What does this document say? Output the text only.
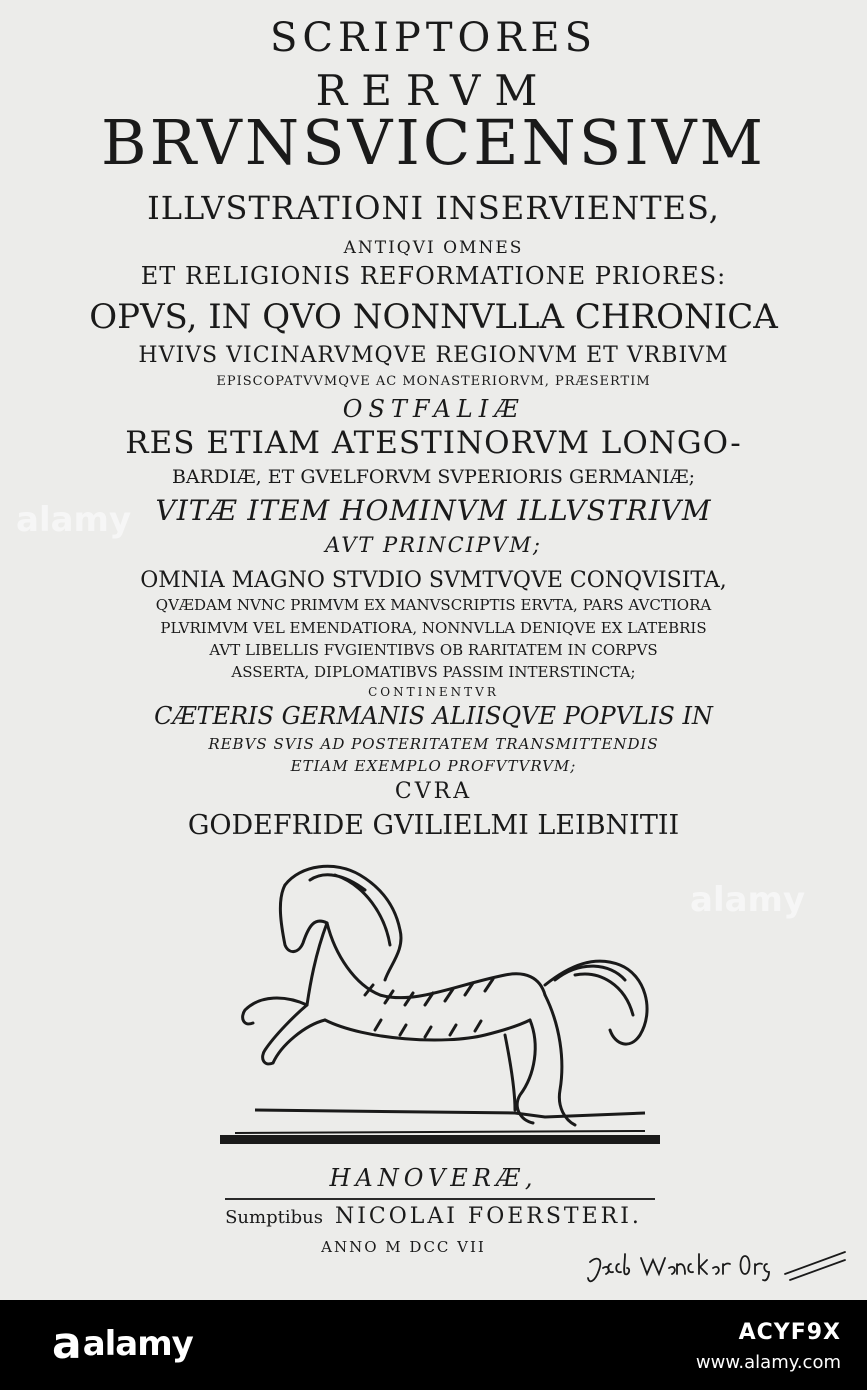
SCRIPTORES
RERVM
BRVNSVICENSIVM
ILLVSTRATIONI INSERVIENTES,
ANTIQVI OMNES
ET RELIGIONIS REFORMATIONE PRIORES:
OPVS, IN QVO NONNVLLA CHRONICA
HVIVS VICINARVMQVE REGIONVM ET VRBIVM
EPISCOPATVVMQVE AC MONASTERIORVM, PRÆSERTIM
OSTFALIÆ
RES ETIAM ATESTINORVM LONGO-
BARDIÆ, ET GVELFORVM SVPERIORIS GERMANIÆ;
VITÆ ITEM HOMINVM ILLVSTRIVM
AVT PRINCIPVM;
OMNIA MAGNO STVDIO SVMTVQVE CONQVISITA,
QVÆDAM NVNC PRIMVM EX MANVSCRIPTIS ERVTA, PARS AVCTIORA
PLVRIMVM VEL EMENDATIORA, NONNVLLA DENIQVE EX LATEBRIS
AVT LIBELLIS FVGIENTIBVS OB RARITATEM IN CORPVS
ASSERTA, DIPLOMATIBVS PASSIM INTERSTINCTA;
CONTINENTVR
CÆTERIS GERMANIS ALIISQVE POPVLIS IN
REBVS SVIS AD POSTERITATEM TRANSMITTENDIS
ETIAM EXEMPLO PROFVTVRVM;
CVRA
GODEFRIDE GVILIELMI LEIBNITII
HANOVERÆ,
Sumptibus NICOLAI FOERSTERI.
ANNO M DCC VII
alamy
alamy
aalamy	ACYF9X
www.alamy.com
